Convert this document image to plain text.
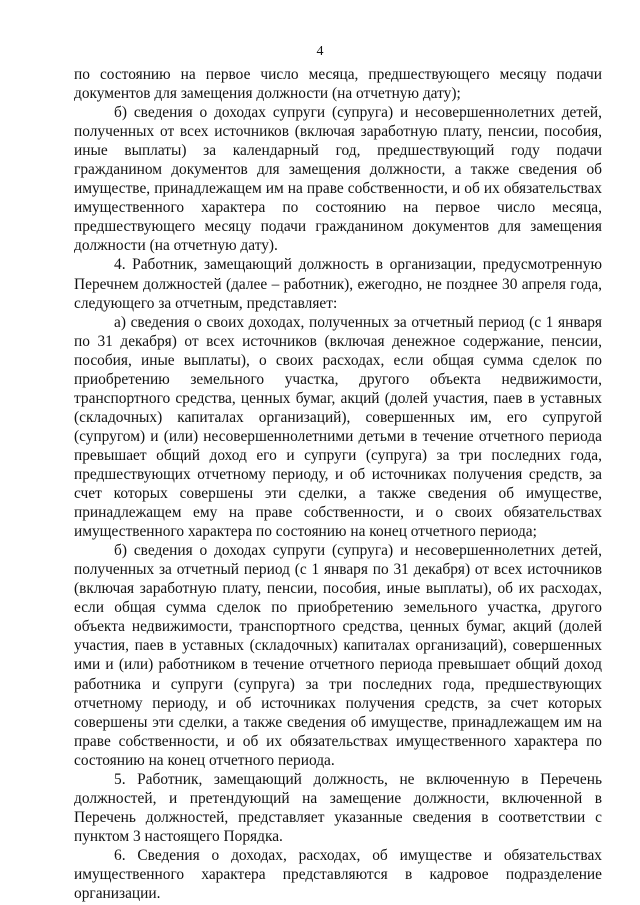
4

по состоянию на первое число месяца, предшествующего месяцу подачи документов для замещения должности (на отчетную дату);

б) сведения о доходах супруги (супруга) и несовершеннолетних детей, полученных от всех источников (включая заработную плату, пенсии, пособия, иные выплаты) за календарный год, предшествующий году подачи гражданином документов для замещения должности, а также сведения об имуществе, принадлежащем им на праве собственности, и об их обязательствах имущественного характера по состоянию на первое число месяца, предшествующего месяцу подачи гражданином документов для замещения должности (на отчетную дату).

4. Работник, замещающий должность в организации, предусмотренную Перечнем должностей (далее – работник), ежегодно, не позднее 30 апреля года, следующего за отчетным, представляет:

а) сведения о своих доходах, полученных за отчетный период (с 1 января по 31 декабря) от всех источников (включая денежное содержание, пенсии, пособия, иные выплаты), о своих расходах, если общая сумма сделок по приобретению земельного участка, другого объекта недвижимости, транспортного средства, ценных бумаг, акций (долей участия, паев в уставных (складочных) капиталах организаций), совершенных им, его супругой (супругом) и (или) несовершеннолетними детьми в течение отчетного периода превышает общий доход его и супруги (супруга) за три последних года, предшествующих отчетному периоду, и об источниках получения средств, за счет которых совершены эти сделки, а также сведения об имуществе, принадлежащем ему на праве собственности, и о своих обязательствах имущественного характера по состоянию на конец отчетного периода;

б) сведения о доходах супруги (супруга) и несовершеннолетних детей, полученных за отчетный период (с 1 января по 31 декабря) от всех источников (включая заработную плату, пенсии, пособия, иные выплаты), об их расходах, если общая сумма сделок по приобретению земельного участка, другого объекта недвижимости, транспортного средства, ценных бумаг, акций (долей участия, паев в уставных (складочных) капиталах организаций), совершенных ими и (или) работником в течение отчетного периода превышает общий доход работника и супруги (супруга) за три последних года, предшествующих отчетному периоду, и об источниках получения средств, за счет которых совершены эти сделки, а также сведения об имуществе, принадлежащем им на праве собственности, и об их обязательствах имущественного характера по состоянию на конец отчетного периода.

5. Работник, замещающий должность, не включенную в Перечень должностей, и претендующий на замещение должности, включенной в Перечень должностей, представляет указанные сведения в соответствии с пунктом 3 настоящего Порядка.

6. Сведения о доходах, расходах, об имуществе и обязательствах имущественного характера представляются в кадровое подразделение организации.
